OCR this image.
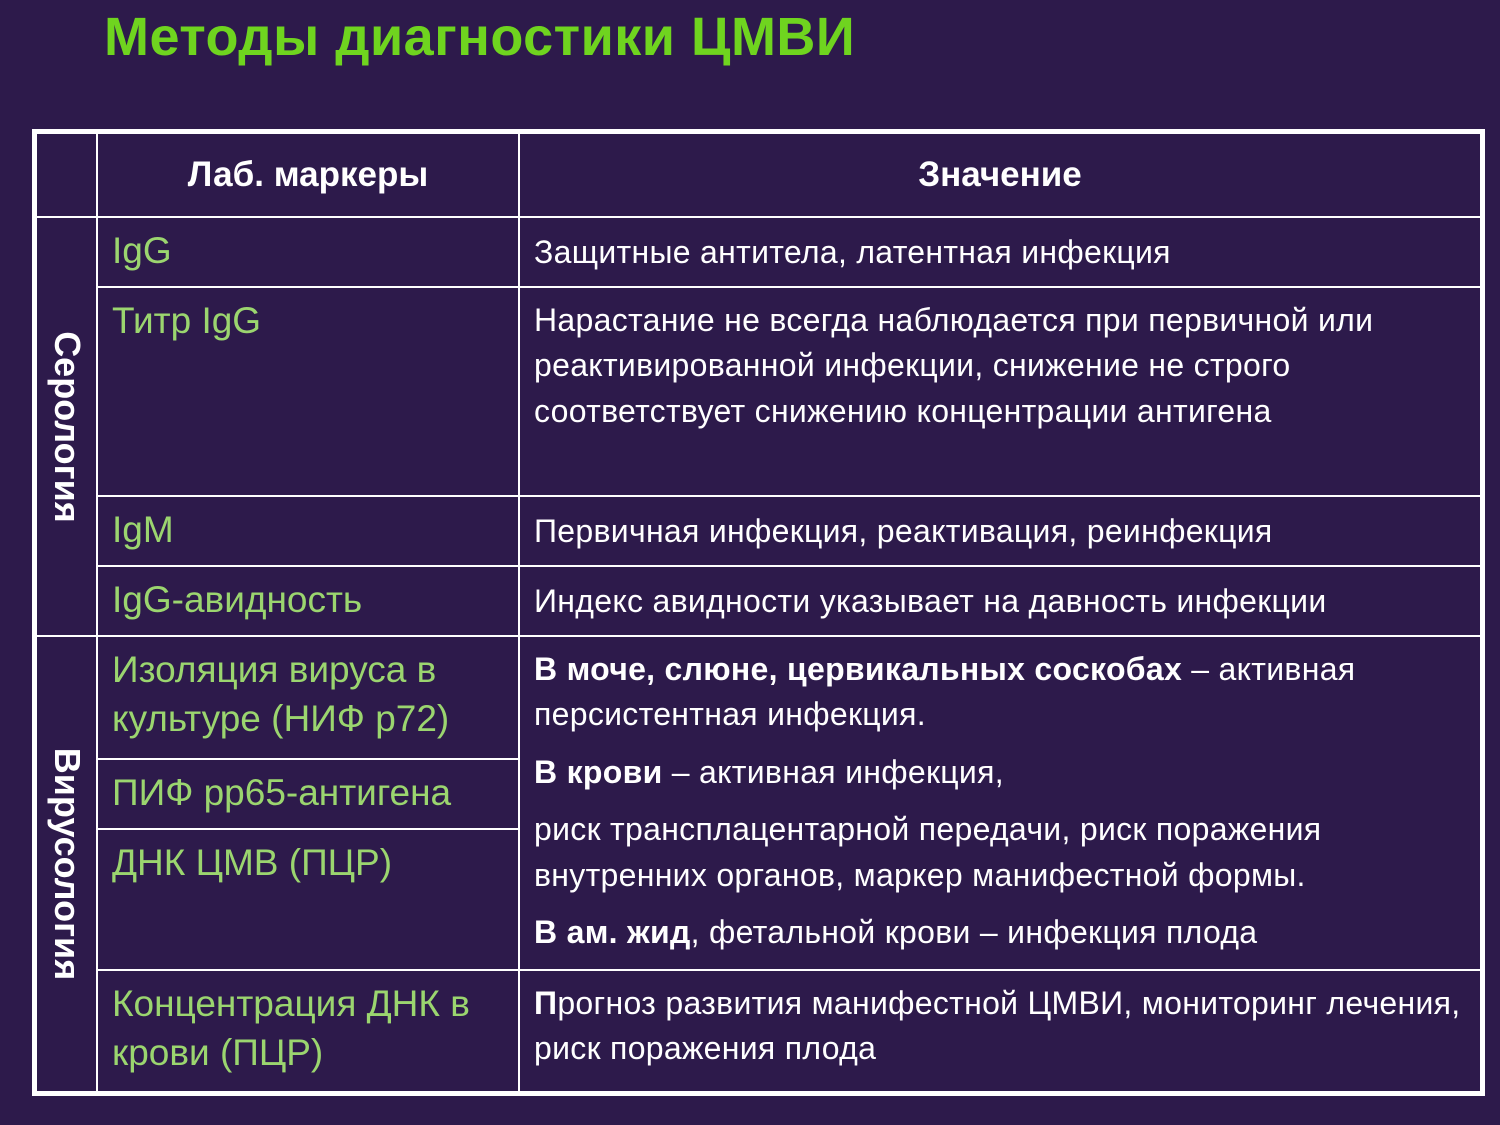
Методы диагностики ЦМВИ
	Лаб. маркеры	Значение

Серология	IgG	Защитные антитела, латентная инфекция
	Титр IgG	Нарастание не всегда наблюдается при первичной или реактивированной инфекции, снижение не строго соответствует снижению концентрации антигена
	IgM	Первичная инфекция, реактивация, реинфекция
	IgG-авидность	Индекс авидности указывает на давность инфекции

Вирусология	Изоляция вируса в культуре (НИФ р72)	В моче, слюне, цервикальных соскобах – активная персистентная инфекция.
В крови – активная инфекция,
риск трансплацентарной передачи, риск поражения внутренних органов, маркер манифестной формы.
В ам. жид, фетальной крови – инфекция плода

	ПИФ рр65-антигена	
	ДНК ЦМВ (ПЦР)	
	Концентрация ДНК в крови (ПЦР)	Прогноз развития манифестной ЦМВИ, мониторинг лечения, риск поражения плода
